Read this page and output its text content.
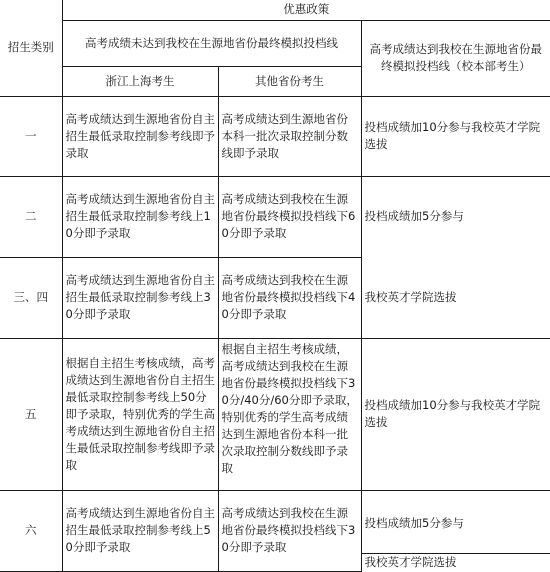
招生类别	优惠政策		
	高考成绩未达到我校在生源地省份最终模拟投档线		高考成绩达到我校在生源地省份最终模拟投档线（校本部考生）
	浙江上海考生	其他省份考生	
一	高考成绩达到生源地省份自主招生最低录取控制参考线即予录取	高考成绩达到生源地省份本科一批次录取控制分数线即予录取	投档成绩加10分参与我校英才学院选拔
二	高考成绩达到生源地省份自主招生最低录取控制参考线上10分即予录取	高考成绩达到我校在生源地省份最终模拟投档线下60分即予录取	投档成绩加5分参与
三、四	高考成绩达到生源地省份自主招生最低录取控制参考线上30分即予录取	高考成绩达到我校在生源地省份最终模拟投档线下40分即予录取	我校英才学院选拔
五	根据自主招生考核成绩，高考成绩达到生源地省份自主招生最低录取控制参考线上50分即予录取，特别优秀的学生高考成绩达到生源地省份自主招生最低录取控制参考线即予录取	根据自主招生考核成绩，高考成绩达到我校在生源地省份最终模拟投档线下30分/40分/60分即予录取，特别优秀的学生高考成绩达到生源地省份本科一批次录取控制分数线即予录取	投档成绩加10分参与我校英才学院选拔
六	高考成绩达到生源地省份自主招生最低录取控制参考线上50分即予录取	高考成绩达到我校在生源地省份最终模拟投档线下30分即予录取	投档成绩加5分参与
我校英才学院选拔
